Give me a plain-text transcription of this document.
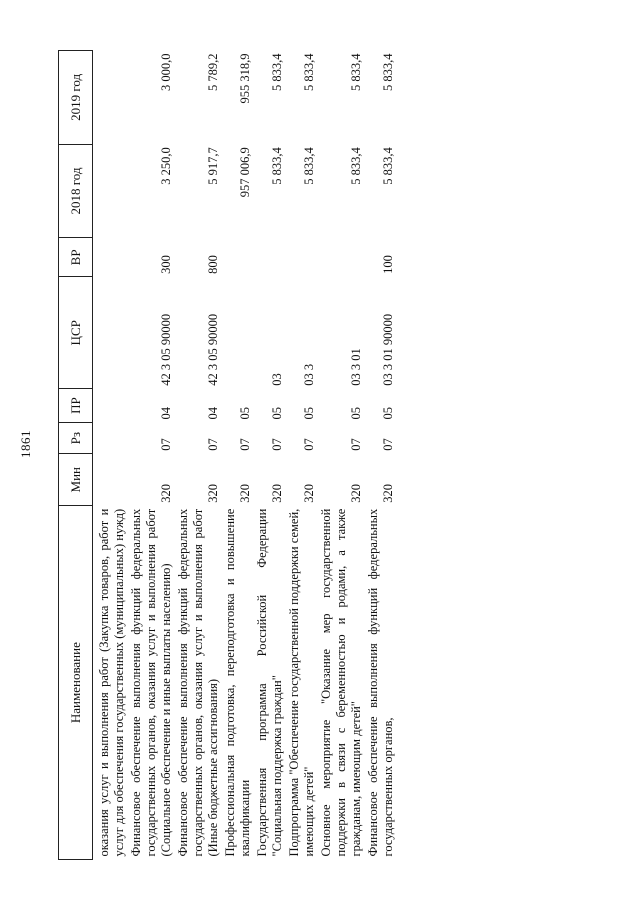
1861
Наименование	Мин	Рз	ПР	ЦСР	ВР	2018 год	2019 год
оказания услуг и выполнения работ (Закупка товаров, работ и услуг для обеспечения государственных (муниципальных) нужд)							
Финансовое обеспечение выполнения функций федеральных государственных органов, оказания услуг и выполнения работ (Социальное обеспечение и иные выплаты населению)	320	07	04	42 3 05 90000	300	3 250,0	3 000,0
Финансовое обеспечение выполнения функций федеральных государственных органов, оказания услуг и выполнения работ (Иные бюджетные ассигнования)	320	07	04	42 3 05 90000	800	5 917,7	5 789,2
Профессиональная подготовка, переподготовка и повышение квалификации	320	07	05			957 006,9	955 318,9
Государственная программа Российской Федерации "Социальная поддержка граждан"	320	07	05	03		5 833,4	5 833,4
Подпрограмма "Обеспечение государственной поддержки семей, имеющих детей"	320	07	05	03 3		5 833,4	5 833,4
Основное мероприятие "Оказание мер государственной поддержки в связи с беременностью и родами, а также гражданам, имеющим детей"	320	07	05	03 3 01		5 833,4	5 833,4
Финансовое обеспечение выполнения функций федеральных государственных органов,	320	07	05	03 3 01 90000	100	5 833,4	5 833,4
